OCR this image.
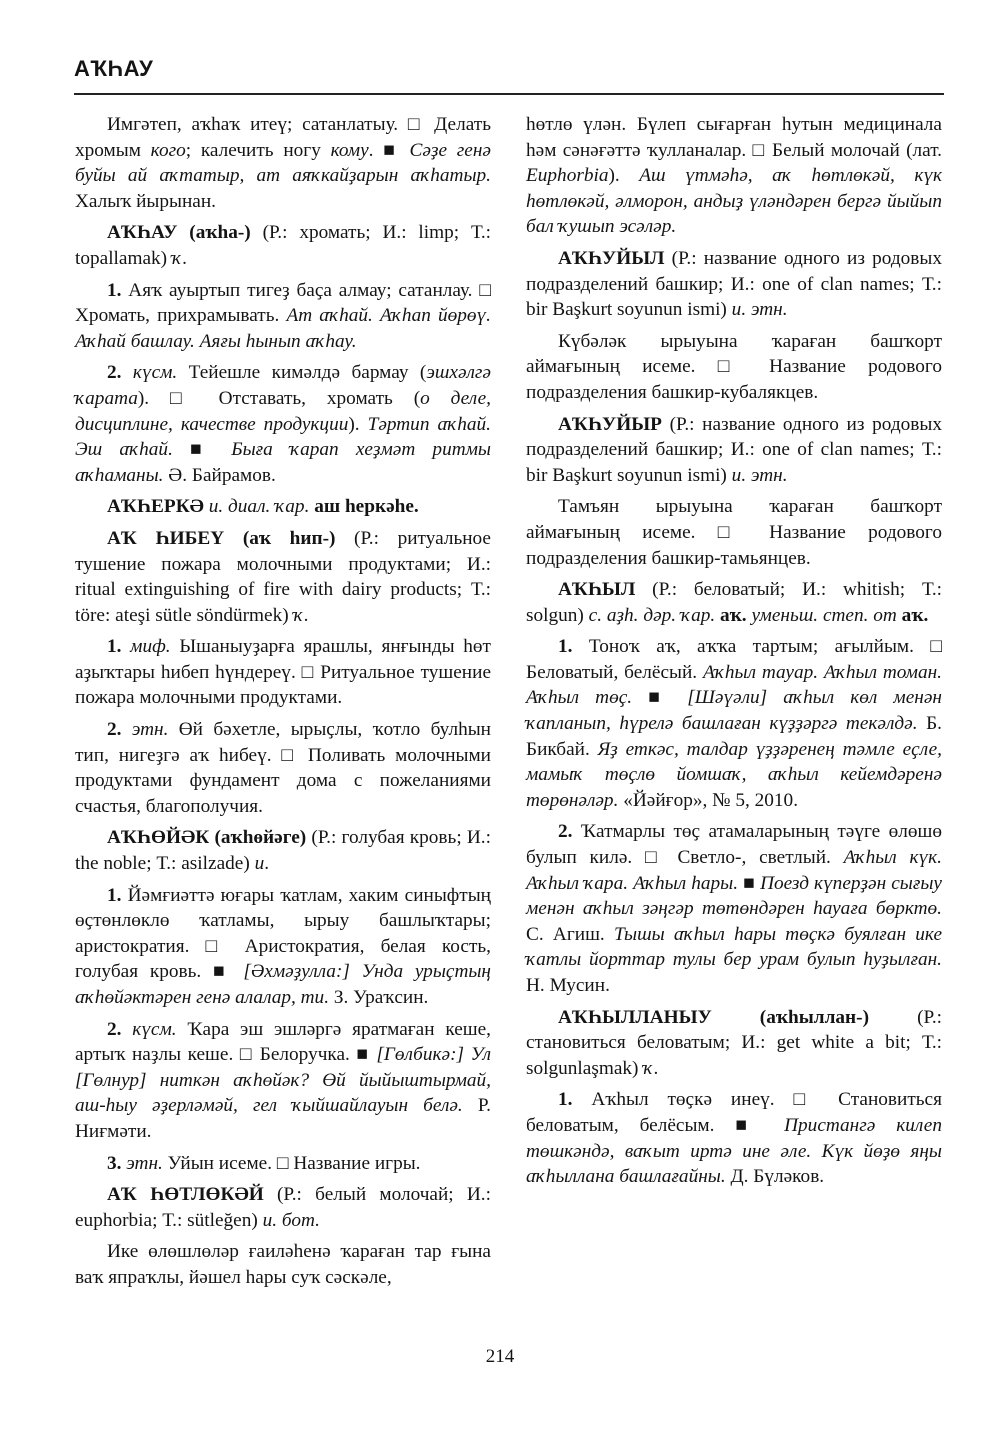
АҠҺАУ

Имгәтеп, аҡһаҡ итеү; сатанлатыу. □ Делать хромым кого; калечить ногу кому. ■ Сәҙе генә буйы ай аҡтатыр, ат аяҡкайҙарын аҡһатыр. Халыҡ йырынан.

АҠҺАУ (аҡһа-) (Р.: хромать; И.: limp; Т.: topallamak) ҡ.

1. Аяҡ ауыртып тигеҙ баҫа алмау; сатанлау. □ Хромать, прихрамывать. Ат аҡһай. Аҡһап йөрөү. Аҡһай башлау. Аяғы һынып аҡһау.

2. күсм. Тейешле кимәлдә бармау (эшхәлгә ҡарата). □ Отставать, хромать (о деле, дисциплине, качестве продукции). Тәртип аҡһай. Эш аҡһай. ■ Быға ҡарап хеҙмәт ритмы аҡһаманы. Ә. Байрамов.

АҠҺЕРКӘ и. диал. ҡар. аш һеркәһе.

АҠ ҺИБЕҮ (аҡ һип-) (Р.: ритуальное тушение пожара молочными продуктами; И.: ritual extinguishing of fire with dairy products; Т.: töre: ateşi sütle söndürmek) ҡ.

1. миф. Ышаныуҙарға ярашлы, янғынды һөт аҙыҡтары һибеп һүндереү. □ Ритуальное тушение пожара молочными продуктами.

2. этн. Өй бәхетле, ырыҫлы, ҡотло булһын тип, нигеҙгә аҡ һибеү. □ Поливать молочными продуктами фундамент дома с пожеланиями счастья, благополучия.

АҠҺӨЙӘК (аҡһөйәге) (Р.: голубая кровь; И.: the noble; Т.: asilzade) и.

1. Йәмғиәттә юғары ҡатлам, хаким синыфтың өҫтөнлөклө ҡатламы, ырыу башлыҡтары; аристократия. □ Аристократия, белая кость, голубая кровь. ■ [Әхмәҙулла:] Унда урыҫтың аҡһөйәктәрен генә алалар, ти. З. Ураҡсин.

2. күсм. Ҡара эш эшләргә яратмаған кеше, артыҡ наҙлы кеше. □ Белоручка. ■ [Гөлбикә:] Ул [Гөлнур] ниткән аҡһөйәк? Өй йыйыштырмай, аш-һыу әҙерләмәй, гел ҡыйшайлауын белә. Р. Ниғмәти.

3. этн. Уйын исеме. □ Название игры.

АҠ ҺӨТЛӨКӘЙ (Р.: белый молочай; И.: euphorbia; Т.: sütleğen) и. бот.

Ике өлөшлөләр ғаиләһенә ҡараған тар ғына ваҡ япраҡлы, йәшел һары суҡ сәскәле,

һөтлө үлән. Бүлеп сығарған һутын медицинала һәм сәнәғәттә ҡулланалар. □ Белый молочай (лат. Euphorbia). Аш үтмәһә, аҡ һөтлөкәй, күк һөтлөкәй, әлморон, андыҙ үләндәрен бергә йыйып бал ҡушып эсәләр.

АҠҺУЙЫЛ (Р.: название одного из родовых подразделений башкир; И.: one of clan names; Т.: bir Başkurt soyunun ismi) и. этн.

Күбәләк ырыуына ҡараған башҡорт аймағының исеме. □ Название родового подразделения башкир-кубалякцев.

АҠҺУЙЫР (Р.: название одного из родовых подразделений башкир; И.: one of clan names; Т.: bir Başkurt soyunun ismi) и. этн.

Тамъян ырыуына ҡараған башҡорт аймағының исеме. □ Название родового подразделения башкир-тамьянцев.

АҠҺЫЛ (Р.: беловатый; И.: whitish; Т.: solgun) с. аҙһ. дәр. ҡар. аҡ. уменьш. степ. от аҡ.

1. Тоноҡ аҡ, аҡҡа тартым; ағылйым. □ Беловатый, белёсый. Аҡһыл тауар. Аҡһыл томан. Аҡһыл төҫ. ■ [Шәүәли] аҡһыл көл менән ҡапланып, һүрелә башлаған күҙҙәргә текәлдә. Б. Бикбай. Яҙ еткәс, талдар үҙҙәренең тәмле еҫле, мамыҡ төҫлө йомшаҡ, аҡһыл кейемдәренә төрөнәләр. «Йәйғор», № 5, 2010.

2. Ҡатмарлы төҫ атамаларының тәүге өлөшө булып килә. □ Светло-, светлый. Аҡһыл күк. Аҡһыл ҡара. Аҡһыл һары. ■ Поезд күперҙән сығыу менән аҡһыл зәңгәр төтөндәрен һауаға бөрктө. С. Агиш. Тышы аҡһыл һары төҫкә буялған ике ҡатлы йорттар тулы бер урам булып һуҙылған. Н. Мусин.

АҠҺЫЛЛАНЫУ (аҡһыллан-) (Р.: становиться беловатым; И.: get white a bit; Т.: solgunlaşmak) ҡ.

1. Аҡһыл төҫкә инеү. □ Становиться беловатым, белёсым. ■ Пристангә килеп төшкәндә, ваҡыт иртә ине әле. Күк йөҙө яңы аҡһыллана башлағайны. Д. Бүләков.

214
